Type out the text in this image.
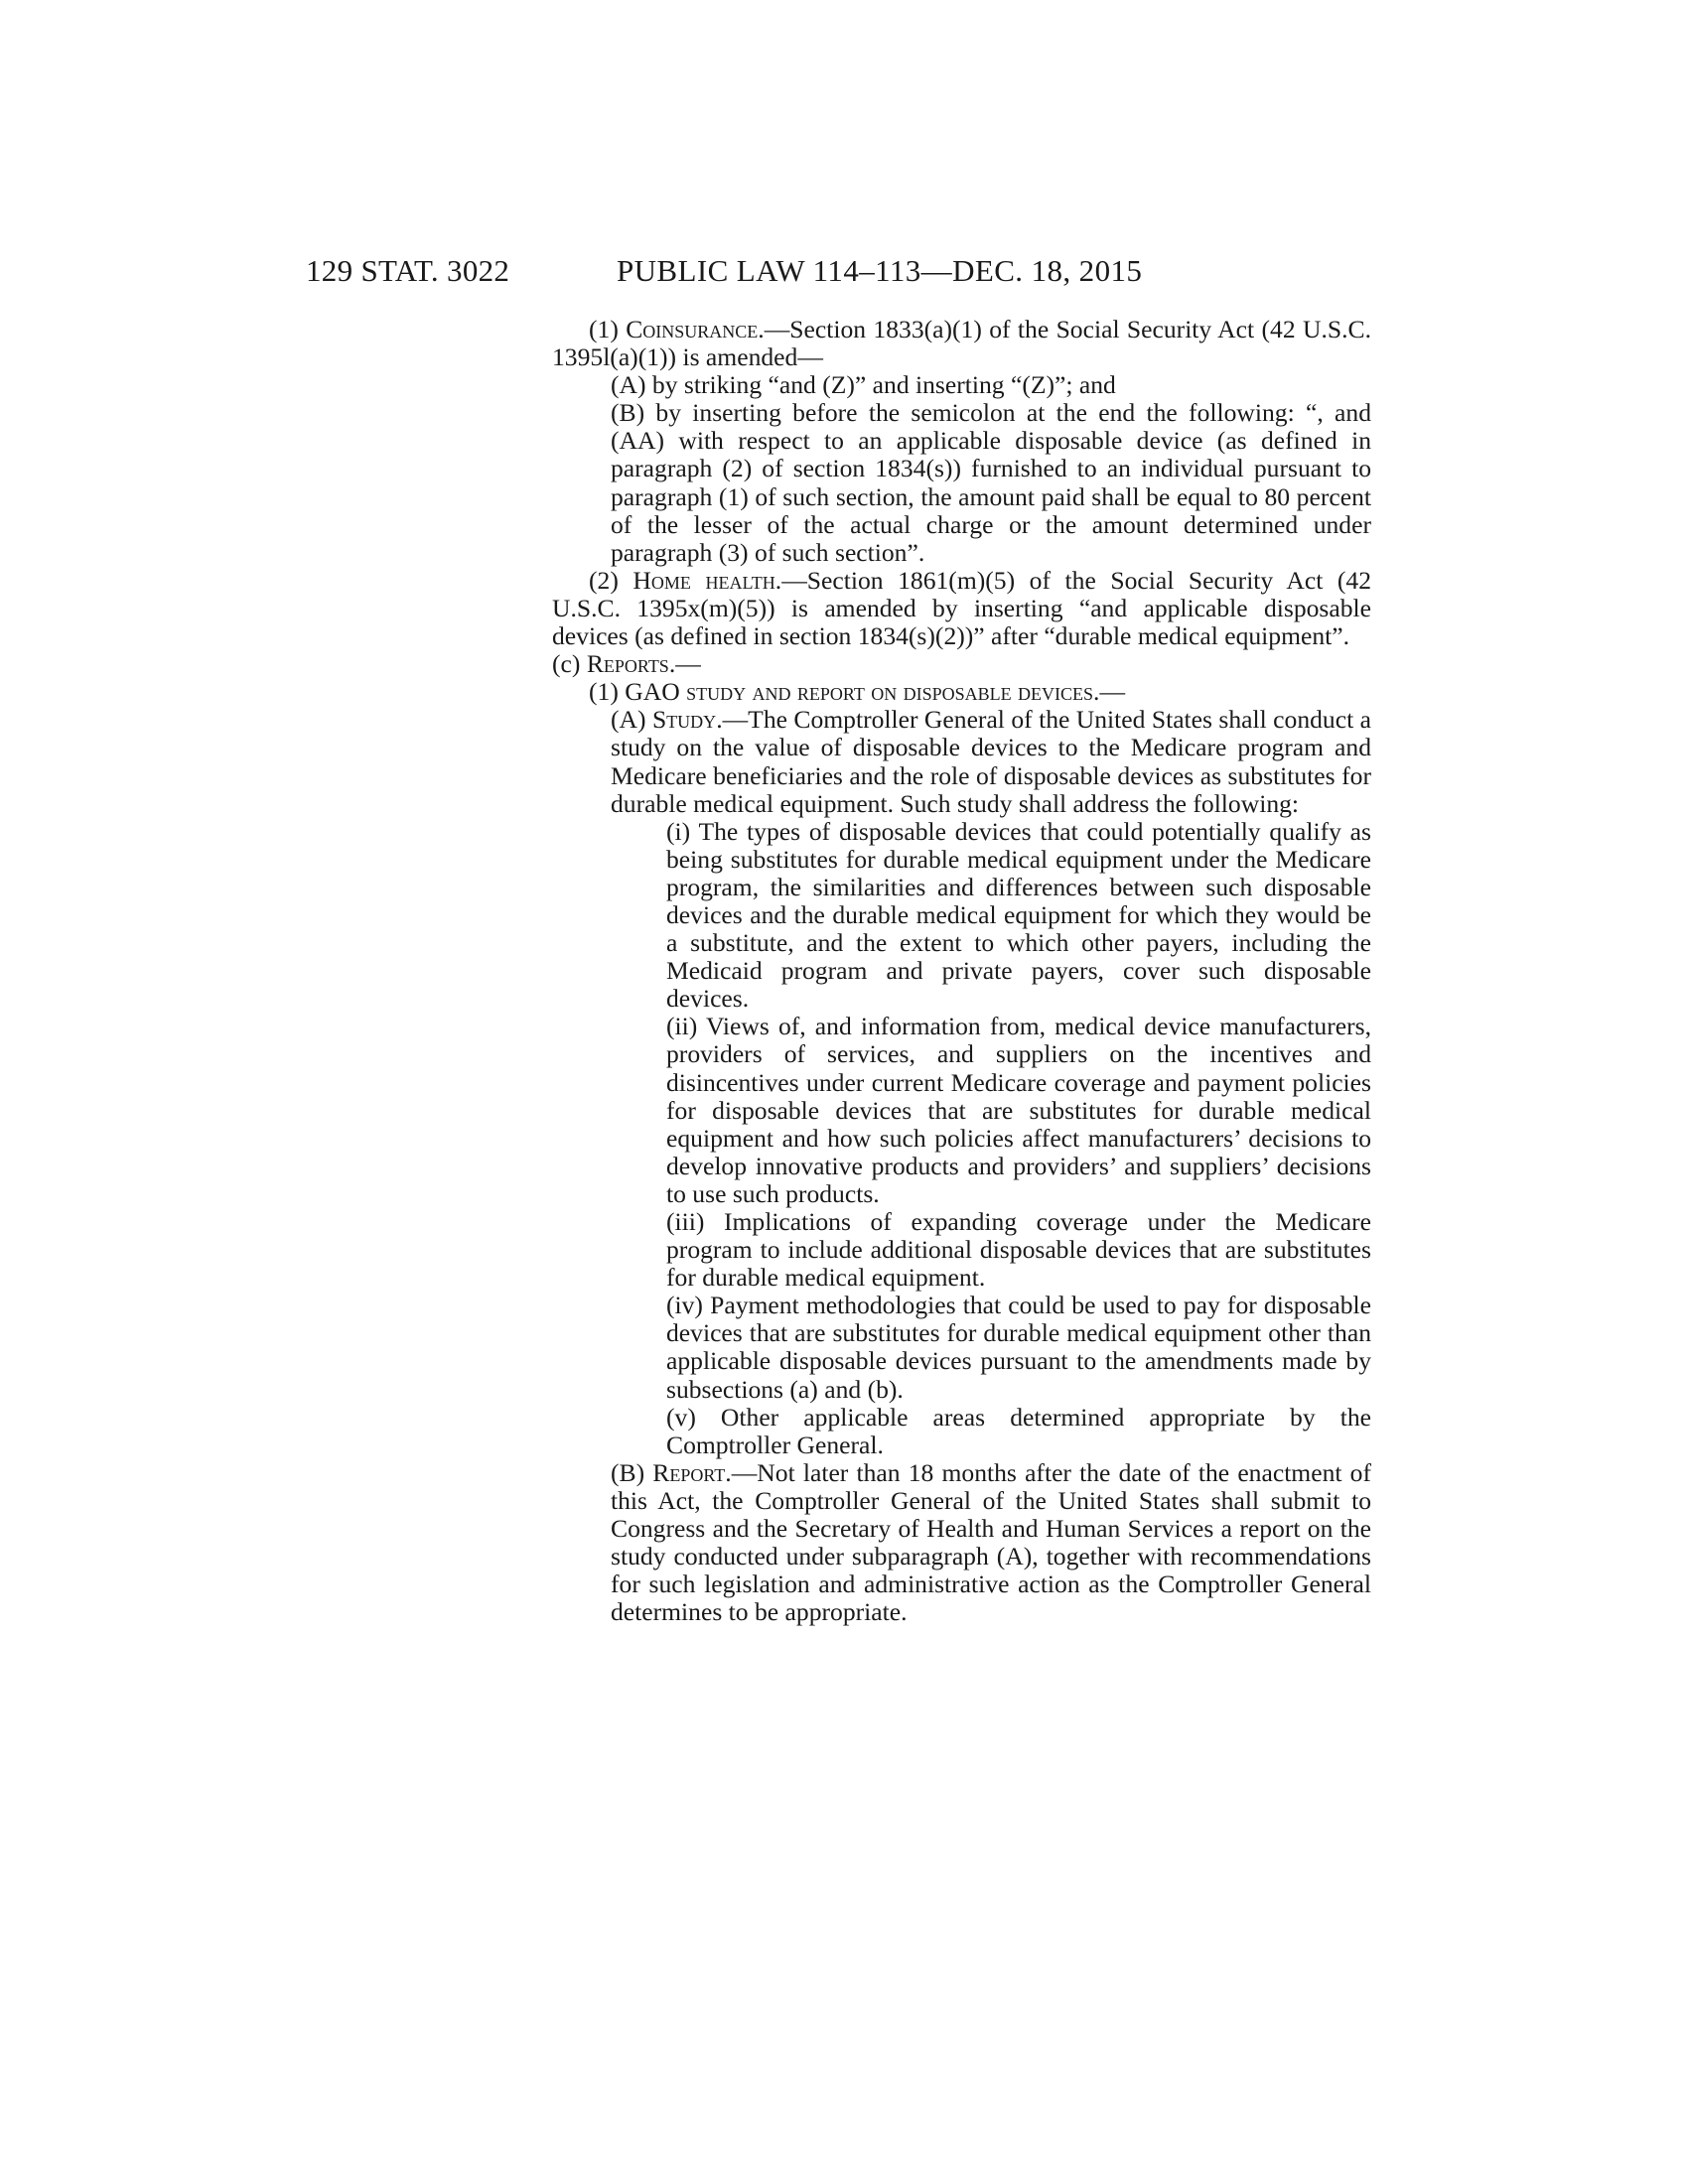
129 STAT. 3022	PUBLIC LAW 114–113—DEC. 18, 2015

(1) Coinsurance.—Section 1833(a)(1) of the Social Security Act (42 U.S.C. 1395l(a)(1)) is amended—

(A) by striking “and (Z)” and inserting “(Z)”; and

(B) by inserting before the semicolon at the end the following: “, and (AA) with respect to an applicable disposable device (as defined in paragraph (2) of section 1834(s)) furnished to an individual pursuant to paragraph (1) of such section, the amount paid shall be equal to 80 percent of the lesser of the actual charge or the amount determined under paragraph (3) of such section”.

(2) Home health.—Section 1861(m)(5) of the Social Security Act (42 U.S.C. 1395x(m)(5)) is amended by inserting “and applicable disposable devices (as defined in section 1834(s)(2))” after “durable medical equipment”.

(c) Reports.—

(1) GAO study and report on disposable devices.—

(A) Study.—The Comptroller General of the United States shall conduct a study on the value of disposable devices to the Medicare program and Medicare beneficiaries and the role of disposable devices as substitutes for durable medical equipment. Such study shall address the following:

(i) The types of disposable devices that could potentially qualify as being substitutes for durable medical equipment under the Medicare program, the similarities and differences between such disposable devices and the durable medical equipment for which they would be a substitute, and the extent to which other payers, including the Medicaid program and private payers, cover such disposable devices.

(ii) Views of, and information from, medical device manufacturers, providers of services, and suppliers on the incentives and disincentives under current Medicare coverage and payment policies for disposable devices that are substitutes for durable medical equipment and how such policies affect manufacturers’ decisions to develop innovative products and providers’ and suppliers’ decisions to use such products.

(iii) Implications of expanding coverage under the Medicare program to include additional disposable devices that are substitutes for durable medical equipment.

(iv) Payment methodologies that could be used to pay for disposable devices that are substitutes for durable medical equipment other than applicable disposable devices pursuant to the amendments made by subsections (a) and (b).

(v) Other applicable areas determined appropriate by the Comptroller General.

(B) Report.—Not later than 18 months after the date of the enactment of this Act, the Comptroller General of the United States shall submit to Congress and the Secretary of Health and Human Services a report on the study conducted under subparagraph (A), together with recommendations for such legislation and administrative action as the Comptroller General determines to be appropriate.
